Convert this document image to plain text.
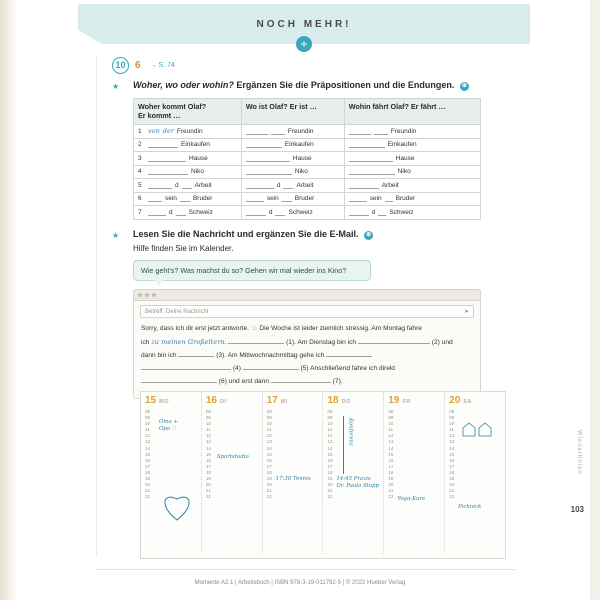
NOCH MEHR!
+
10 6 → S. 74
★	Woher, wo oder wohin? Ergänzen Sie die Präpositionen und die Endungen. ⊕
Woher kommt Olaf?
Er kommt …	Wo ist Olaf? Er ist …	Wohin fährt Olaf? Er fährt …

1 von der Freundin	Freundin	Freundin

2 Einkaufen	Einkaufen	Einkaufen

3 Hause	Hause	Hause

4 Niko	Niko	Niko

5 d Arbeit	d Arbeit	Arbeit

6 sein Bruder	sein Bruder	sein Bruder

7 d Schweiz	d Schweiz	d Schweiz
★	Lesen Sie die Nachricht und ergänzen Sie die E-Mail. ⊕
Hilfe finden Sie im Kalender.
Wie geht's? Was machst du so? Gehen wir mal wieder ins Kino?
Betreff: Deine Nachricht	➤
Sorry, dass ich dir erst jetzt antworte. ☺ Die Woche ist leider ziemlich stressig. Am Montag fahre
ich zu meinen Großeltern.	(1). Am Dienstag bin ich	(2) und
dann bin ich	(3). Am Mittwochnachmittag gehe ich
(4)	(5) Anschließend fahre ich direkt
(6) und erst dann	(7).
15 MO
08
09
10
11
12
13
14
15
16
17
18
19
20
21
22
Oma +
Opa ♡
16 DI
08
09
10
11
12
13
14
15
16
17
18
19
20
21
22
Sportstudio
17 MI
08
09
10
11
12
13
14
15
16
17
18
19
20
21
22
17:30 Tennis
18 DO
08
09
10
11
12
13
14
15
16
17
18
19
20
21
22
Konferenz
14:45 Praxis
Dr. Paula Stopp
19 FR
08
09
10
11
12
13
14
15
16
17
18
19
20
21
22 Yoga-Kurs
20 SA
08
09
10
11
12
13
14
15
16
17
18
19
20
21
22
Picknick
Wiederholen
103
Momente A2.1 | Arbeitsbuch | ISBN 978-3-19-011792-5 | © 2022 Hueber Verlag
